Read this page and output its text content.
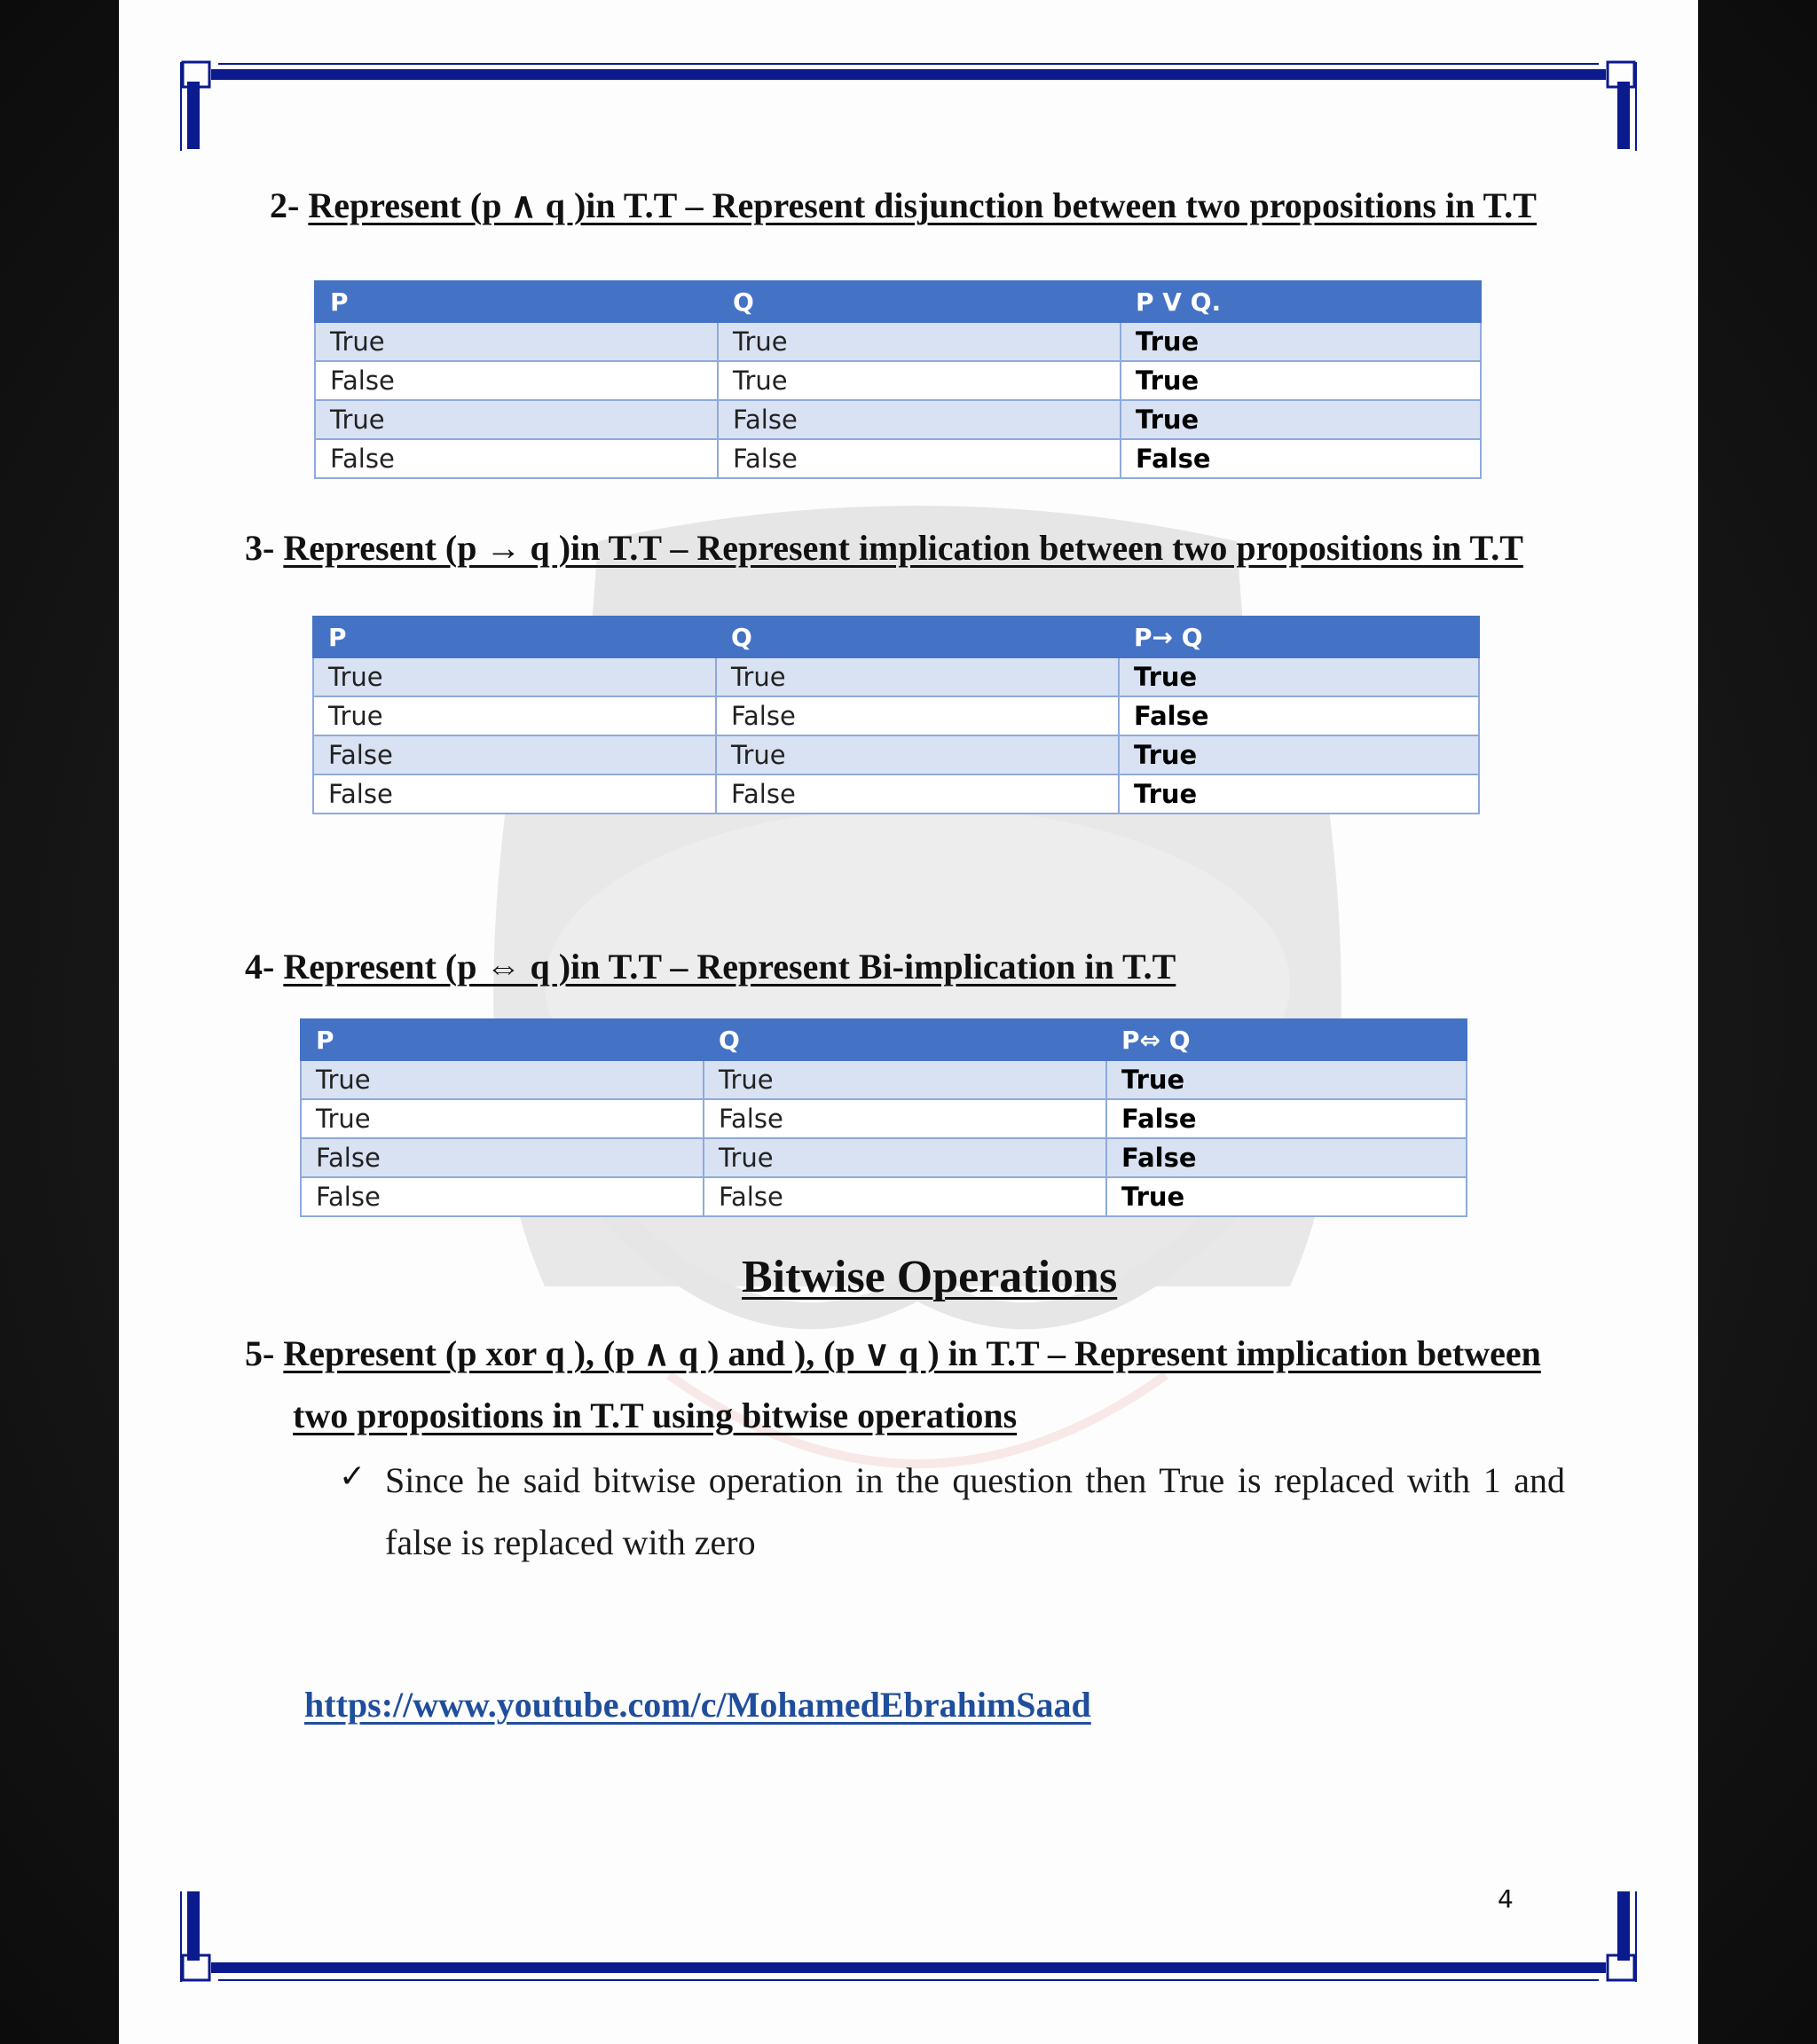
2- Represent (p ∧ q )in T.T – Represent disjunction between two propositions in T.T
P	Q	P V Q.
True	True	True
False	True	True
True	False	True
False	False	False
3- Represent (p → q )in T.T – Represent implication between two propositions in T.T
P	Q	P→ Q
True	True	True
True	False	False
False	True	True
False	False	True
4- Represent (p ⇔ q )in T.T – Represent Bi-implication in T.T
P	Q	P⇔ Q
True	True	True
True	False	False
False	True	False
False	False	True
Bitwise Operations
5- Represent (p xor q ), (p ∧ q ) and ), (p ∨ q ) in T.T – Represent implication between
two propositions in T.T using bitwise operations
✓ Since he said bitwise operation in the question then True is replaced with 1 and
false is replaced with zero
https://www.youtube.com/c/MohamedEbrahimSaad
4
